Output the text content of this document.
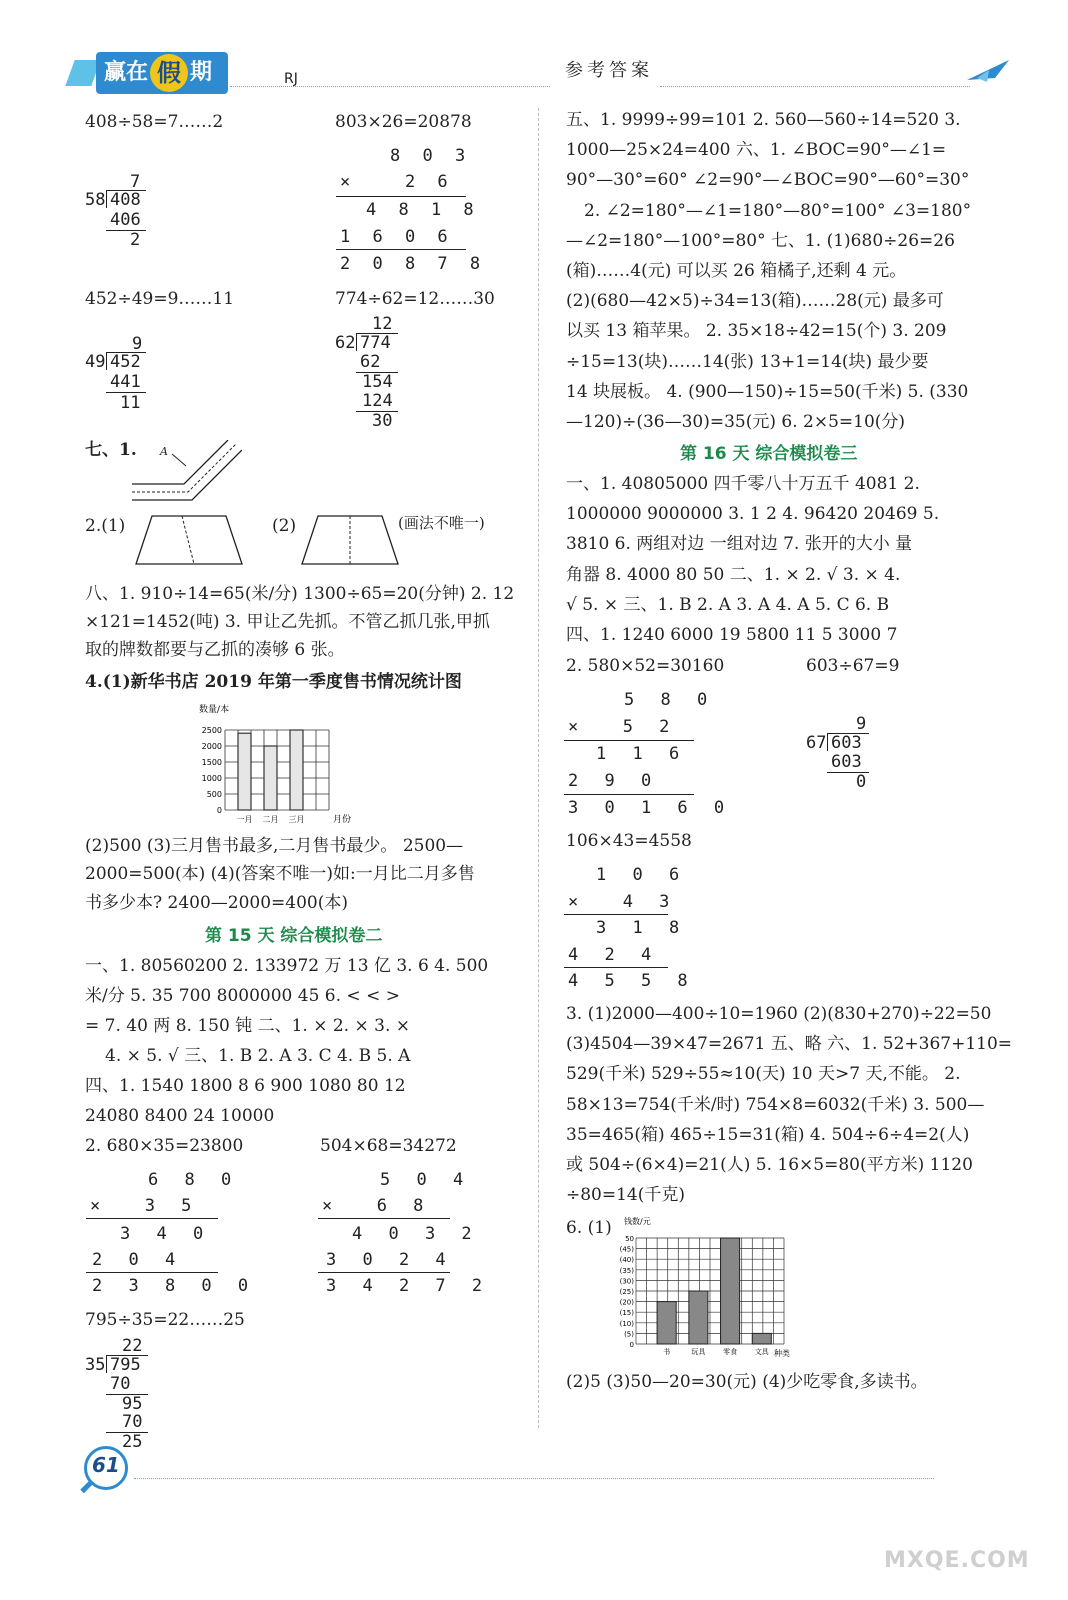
赢在 假 期	RJ	参考答案
408÷58=7……2	803×26=20878
7
58 408
406
2
8 0 3
×   2 6
4 8 1 8
1 6 0 6
2 0 8 7 8
452÷49=9……11	774÷62=12……30
9
49 452
441
11
12
62 774
62
154
124
30
七、1. A
2.(1)	(2)	(画法不唯一)
八、1. 910÷14=65(米/分) 1300÷65=20(分钟) 2. 12
×121=1452(吨) 3. 甲让乙先抓。不管乙抓几张,甲抓
取的牌数都要与乙抓的凑够 6 张。
4.(1)新华书店 2019 年第一季度售书情况统计图
数量/本
2500
2000
1500
1000
500
0
一月 二月 三月	月份
(2)500 (3)三月售书最多,二月售书最少。 2500—
2000=500(本) (4)(答案不唯一)如:一月比二月多售
书多少本? 2400—2000=400(本)
第 15 天 综合模拟卷二
一、1. 80560200 2. 133972 万 13 亿 3. 6 4. 500
米/分 5. 35 700 8000000 45 6. < < >
= 7. 40 两 8. 150 钝 二、1. × 2. × 3. ×
4. × 5. √ 三、1. B 2. A 3. C 4. B 5. A
四、1. 1540 1800 8 6 900 1080 80 12
24080 8400 24 10000
2. 680×35=23800	504×68=34272
6 8 0
×  3 5
3 4 0
2 0 4
2 3 8 0 0
5 0 4
×  6 8
4 0 3 2
3 0 2 4
3 4 2 7 2
795÷35=22……25
22
35 795
70
95
70
25
五、1. 9999÷99=101 2. 560—560÷14=520 3.
1000—25×24=400 六、1. ∠BOC=90°—∠1=
90°—30°=60° ∠2=90°—∠BOC=90°—60°=30°
2. ∠2=180°—∠1=180°—80°=100° ∠3=180°
—∠2=180°—100°=80° 七、1. (1)680÷26=26
(箱)……4(元) 可以买 26 箱橘子,还剩 4 元。
(2)(680—42×5)÷34=13(箱)……28(元) 最多可
以买 13 箱苹果。 2. 35×18÷42=15(个) 3. 209
÷15=13(块)……14(张) 13+1=14(块) 最少要
14 块展板。 4. (900—150)÷15=50(千米) 5. (330
—120)÷(36—30)=35(元) 6. 2×5=10(分)
第 16 天 综合模拟卷三
一、1. 40805000 四千零八十万五千 4081 2.
1000000 9000000 3. 1 2 4. 96420 20469 5.
3810 6. 两组对边 一组对边 7. 张开的大小 量
角器 8. 4000 80 50 二、1. × 2. √ 3. × 4.
√ 5. × 三、1. B 2. A 3. A 4. A 5. C 6. B
四、1. 1240 6000 19 5800 11 5 3000 7
2. 580×52=30160	603÷67=9
5 8 0
×  5 2
1 1 6
2 9 0
3 0 1 6 0
9
67 603
603
0
106×43=4558
1 0 6
×  4 3
3 1 8
4 2 4
4 5 5 8
3. (1)2000—400÷10=1960 (2)(830+270)÷22=50
(3)4504—39×47=2671 五、略 六、1. 52+367+110=
529(千米) 529÷55≈10(天) 10 天>7 天,不能。 2.
58×13=754(千米/时) 754×8=6032(千米) 3. 500—
35=465(箱) 465÷15=31(箱) 4. 504÷6÷4=2(人)
或 504÷(6×4)=21(人) 5. 16×5=80(平方米) 1120
÷80=14(千克)
6. (1) 钱数/元
50
(45)
(40)
(35)
(30)
(25)
(20)
(15)
(10)
(5)
0
书	玩具	零食	文具 种类
(2)5 (3)50—20=30(元) (4)少吃零食,多读书。
61
MXQE.COM
